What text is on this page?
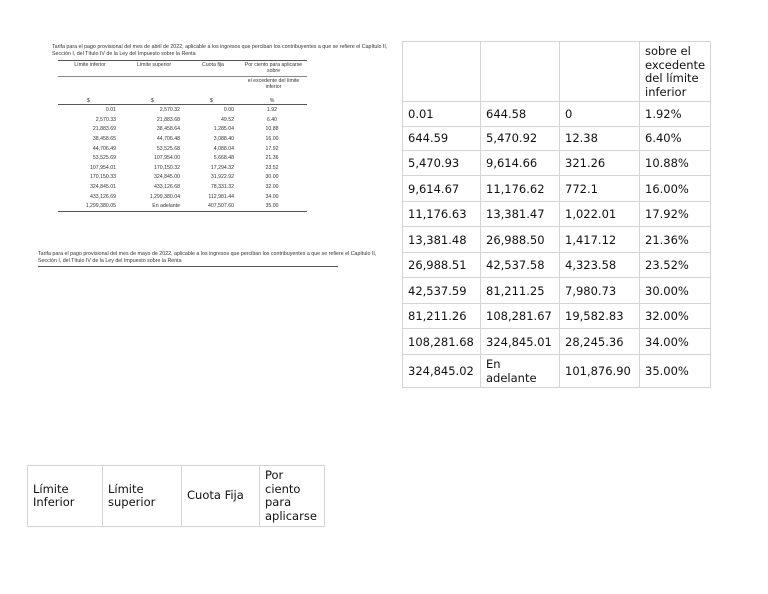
Tarifa para el pago provisional del mes de abril de 2022, aplicable a los ingresos que perciban los contribuyentes a que se refiere el Capítulo II, Sección I, del Título IV de la Ley del Impuesto sobre la Renta

Límite inferior	Límite superior	Cuota fija	Por ciento para aplicarse sobre
			el excedente del límite inferior
$	$	$	%
0.01	2,570.32	0.00	1.92
2,570.33	21,883.68	49.52	6.40
21,883.69	38,458.64	1,285.04	10.88
38,458.65	44,706.48	3,088.40	16.00
44,706.49	53,525.68	4,088.04	17.92
53,525.69	107,954.00	5,668.48	21.36
107,954.01	170,150.32	17,294.32	23.52
170,150.33	324,845.00	31,922.92	30.00
324,845.01	433,126.68	78,331.32	32.00
433,126.69	1,299,380.04	112,981.44	34.00
1,299,380.05	En adelante	407,507.60	35.00

Tarifa para el pago provisional del mes de mayo de 2022, aplicable a los ingresos que perciban los contribuyentes a que se refiere el Capítulo II, Sección I, del Título IV de la Ley del Impuesto sobre la Renta

			sobre el excedente del límite inferior
0.01	644.58	0	1.92%
644.59	5,470.92	12.38	6.40%
5,470.93	9,614.66	321.26	10.88%
9,614.67	11,176.62	772.1	16.00%
11,176.63	13,381.47	1,022.01	17.92%
13,381.48	26,988.50	1,417.12	21.36%
26,988.51	42,537.58	4,323.58	23.52%
42,537.59	81,211.25	7,980.73	30.00%
81,211.26	108,281.67	19,582.83	32.00%
108,281.68	324,845.01	28,245.36	34.00%
324,845.02	En adelante	101,876.90	35.00%
Límite Inferior	Límite superior	Cuota Fija	Por ciento para aplicarse
